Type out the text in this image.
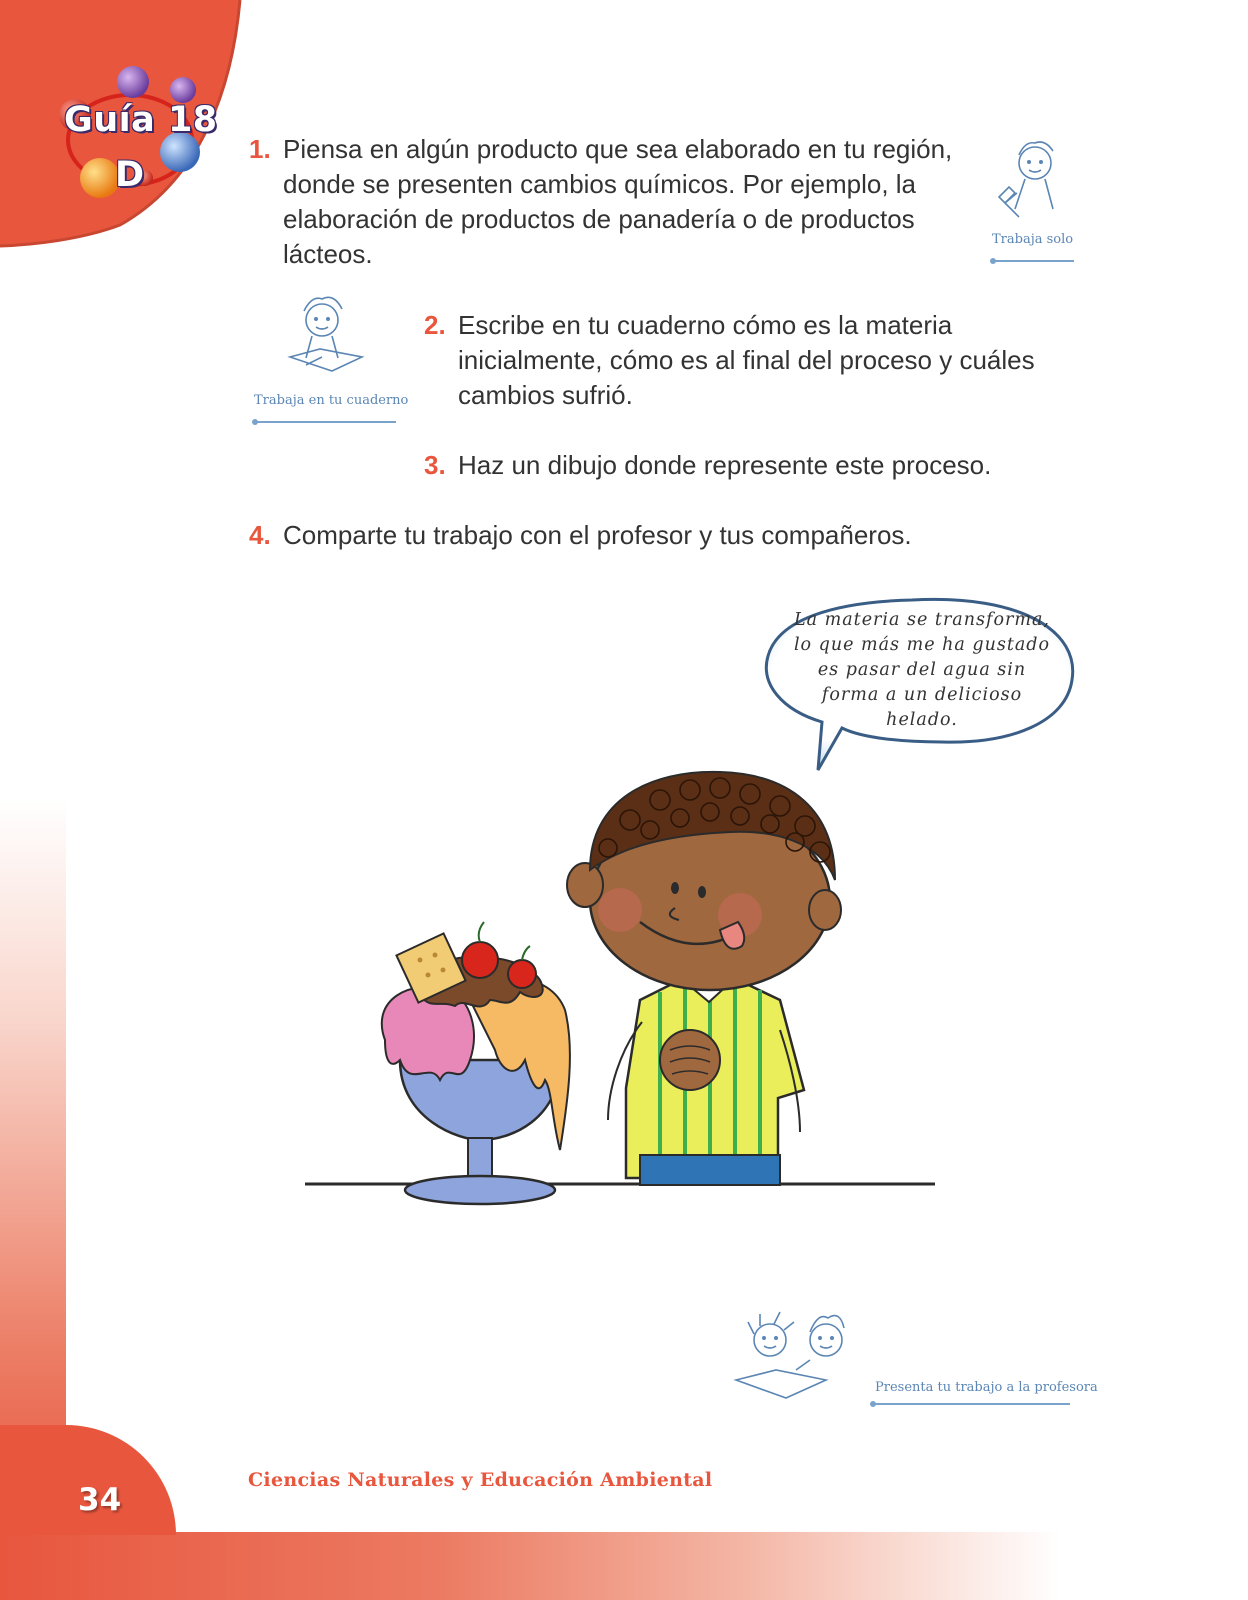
Guía 18
D
1. Piensa en algún producto que sea elaborado en tu región, donde se presenten cambios químicos. Por ejemplo, la elaboración de productos de panadería o de productos lácteos.
2. Escribe en tu cuaderno cómo es la materia inicialmente, cómo es al final del proceso y cuáles cambios sufrió.
3. Haz un dibujo donde represente este proceso.
4. Comparte tu trabajo con el profesor y tus compañeros.
Trabaja solo
Trabaja en tu cuaderno
La materia se transforma, lo que más me ha gustado es pasar del agua sin forma a un delicioso helado.
Presenta tu trabajo a la profesora
34
Ciencias Naturales y Educación Ambiental
